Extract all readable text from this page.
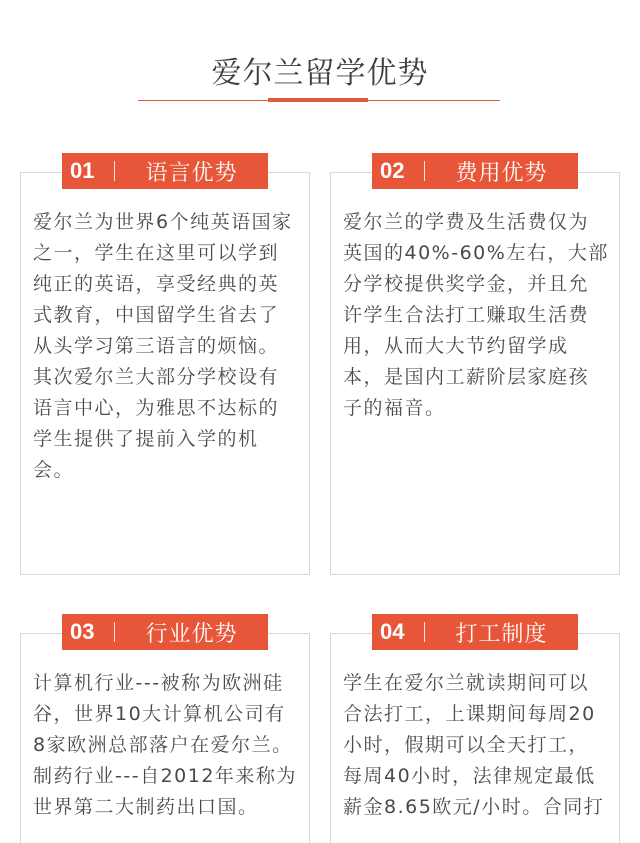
爱尔兰留学优势
爱尔兰为世界6个纯英语国家之一，学生在这里可以学到纯正的英语，享受经典的英式教育，中国留学生省去了从头学习第三语言的烦恼。其次爱尔兰大部分学校设有语言中心，为雅思不达标的学生提供了提前入学的机会。
01	语言优势
爱尔兰的学费及生活费仅为英国的40%-60%左右，大部分学校提供奖学金，并且允许学生合法打工赚取生活费用，从而大大节约留学成本，是国内工薪阶层家庭孩子的福音。
02	费用优势
计算机行业---被称为欧洲硅谷，世界10大计算机公司有8家欧洲总部落户在爱尔兰。制药行业---自2012年来称为世界第二大制药出口国。
03	行业优势
学生在爱尔兰就读期间可以合法打工，上课期间每周20小时，假期可以全天打工，每周40小时，法律规定最低薪金8.65欧元/小时。合同打
04	打工制度
